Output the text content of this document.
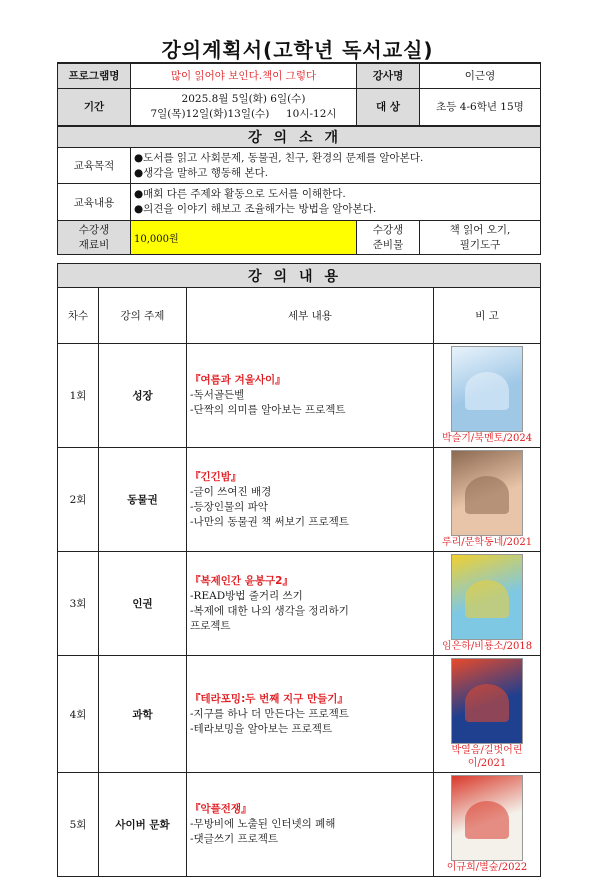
강의계획서(고학년 독서교실)
프로그램명	많이 읽어야 보인다.책이 그렇다	강사명	이근영
기간	2025.8월 5일(화) 6일(수)
7일(목)12일(화)13일(수)     10시-12시	대 상	초등 4-6학년 15명
강의소개			
교육목적	●도서를 읽고 사회문제, 동물권, 친구, 환경의 문제를 알아본다.
●생각을 말하고 행동해 본다.		

교육내용	●매회 다른 주제와 활동으로 도서를 이해한다.
●의견을 이야기 해보고 조율해가는 방법을 알아본다.		

수강생
재료비	10,000원	수강생
준비물	책 읽어 오기,
필기도구
강의내용			
차수	강의 주제	세부 내용	비 고
1회	성장	『여름과 겨울사이』
-독서골든벨
-단짝의 의미를 알아보는 프로젝트	박슬기/북멘토/2024

2회	동물권	『긴긴밤』
-글이 쓰여진 배경
-등장인물의 파악
-나만의 동물권 책 써보기 프로젝트	루리/문학동네/2021

3회	인권	『복제인간 윤봉구2』
-READ방법 줄거리 쓰기
-복제에 대한 나의 생각을 정리하기
프로젝트	임은하/비룡소/2018

4회	과학	『테라포밍:두 번째 지구 만들기』
-지구를 하나 더 만든다는 프로젝트
-테라보밍을 알아보는 프로젝트	박열음/길벗어린이/2021

5회	사이버 문화	『악플전쟁』
-무방비에 노출된 인터넷의 폐해
-댓글쓰기 프로젝트	이규희/별숲/2022
